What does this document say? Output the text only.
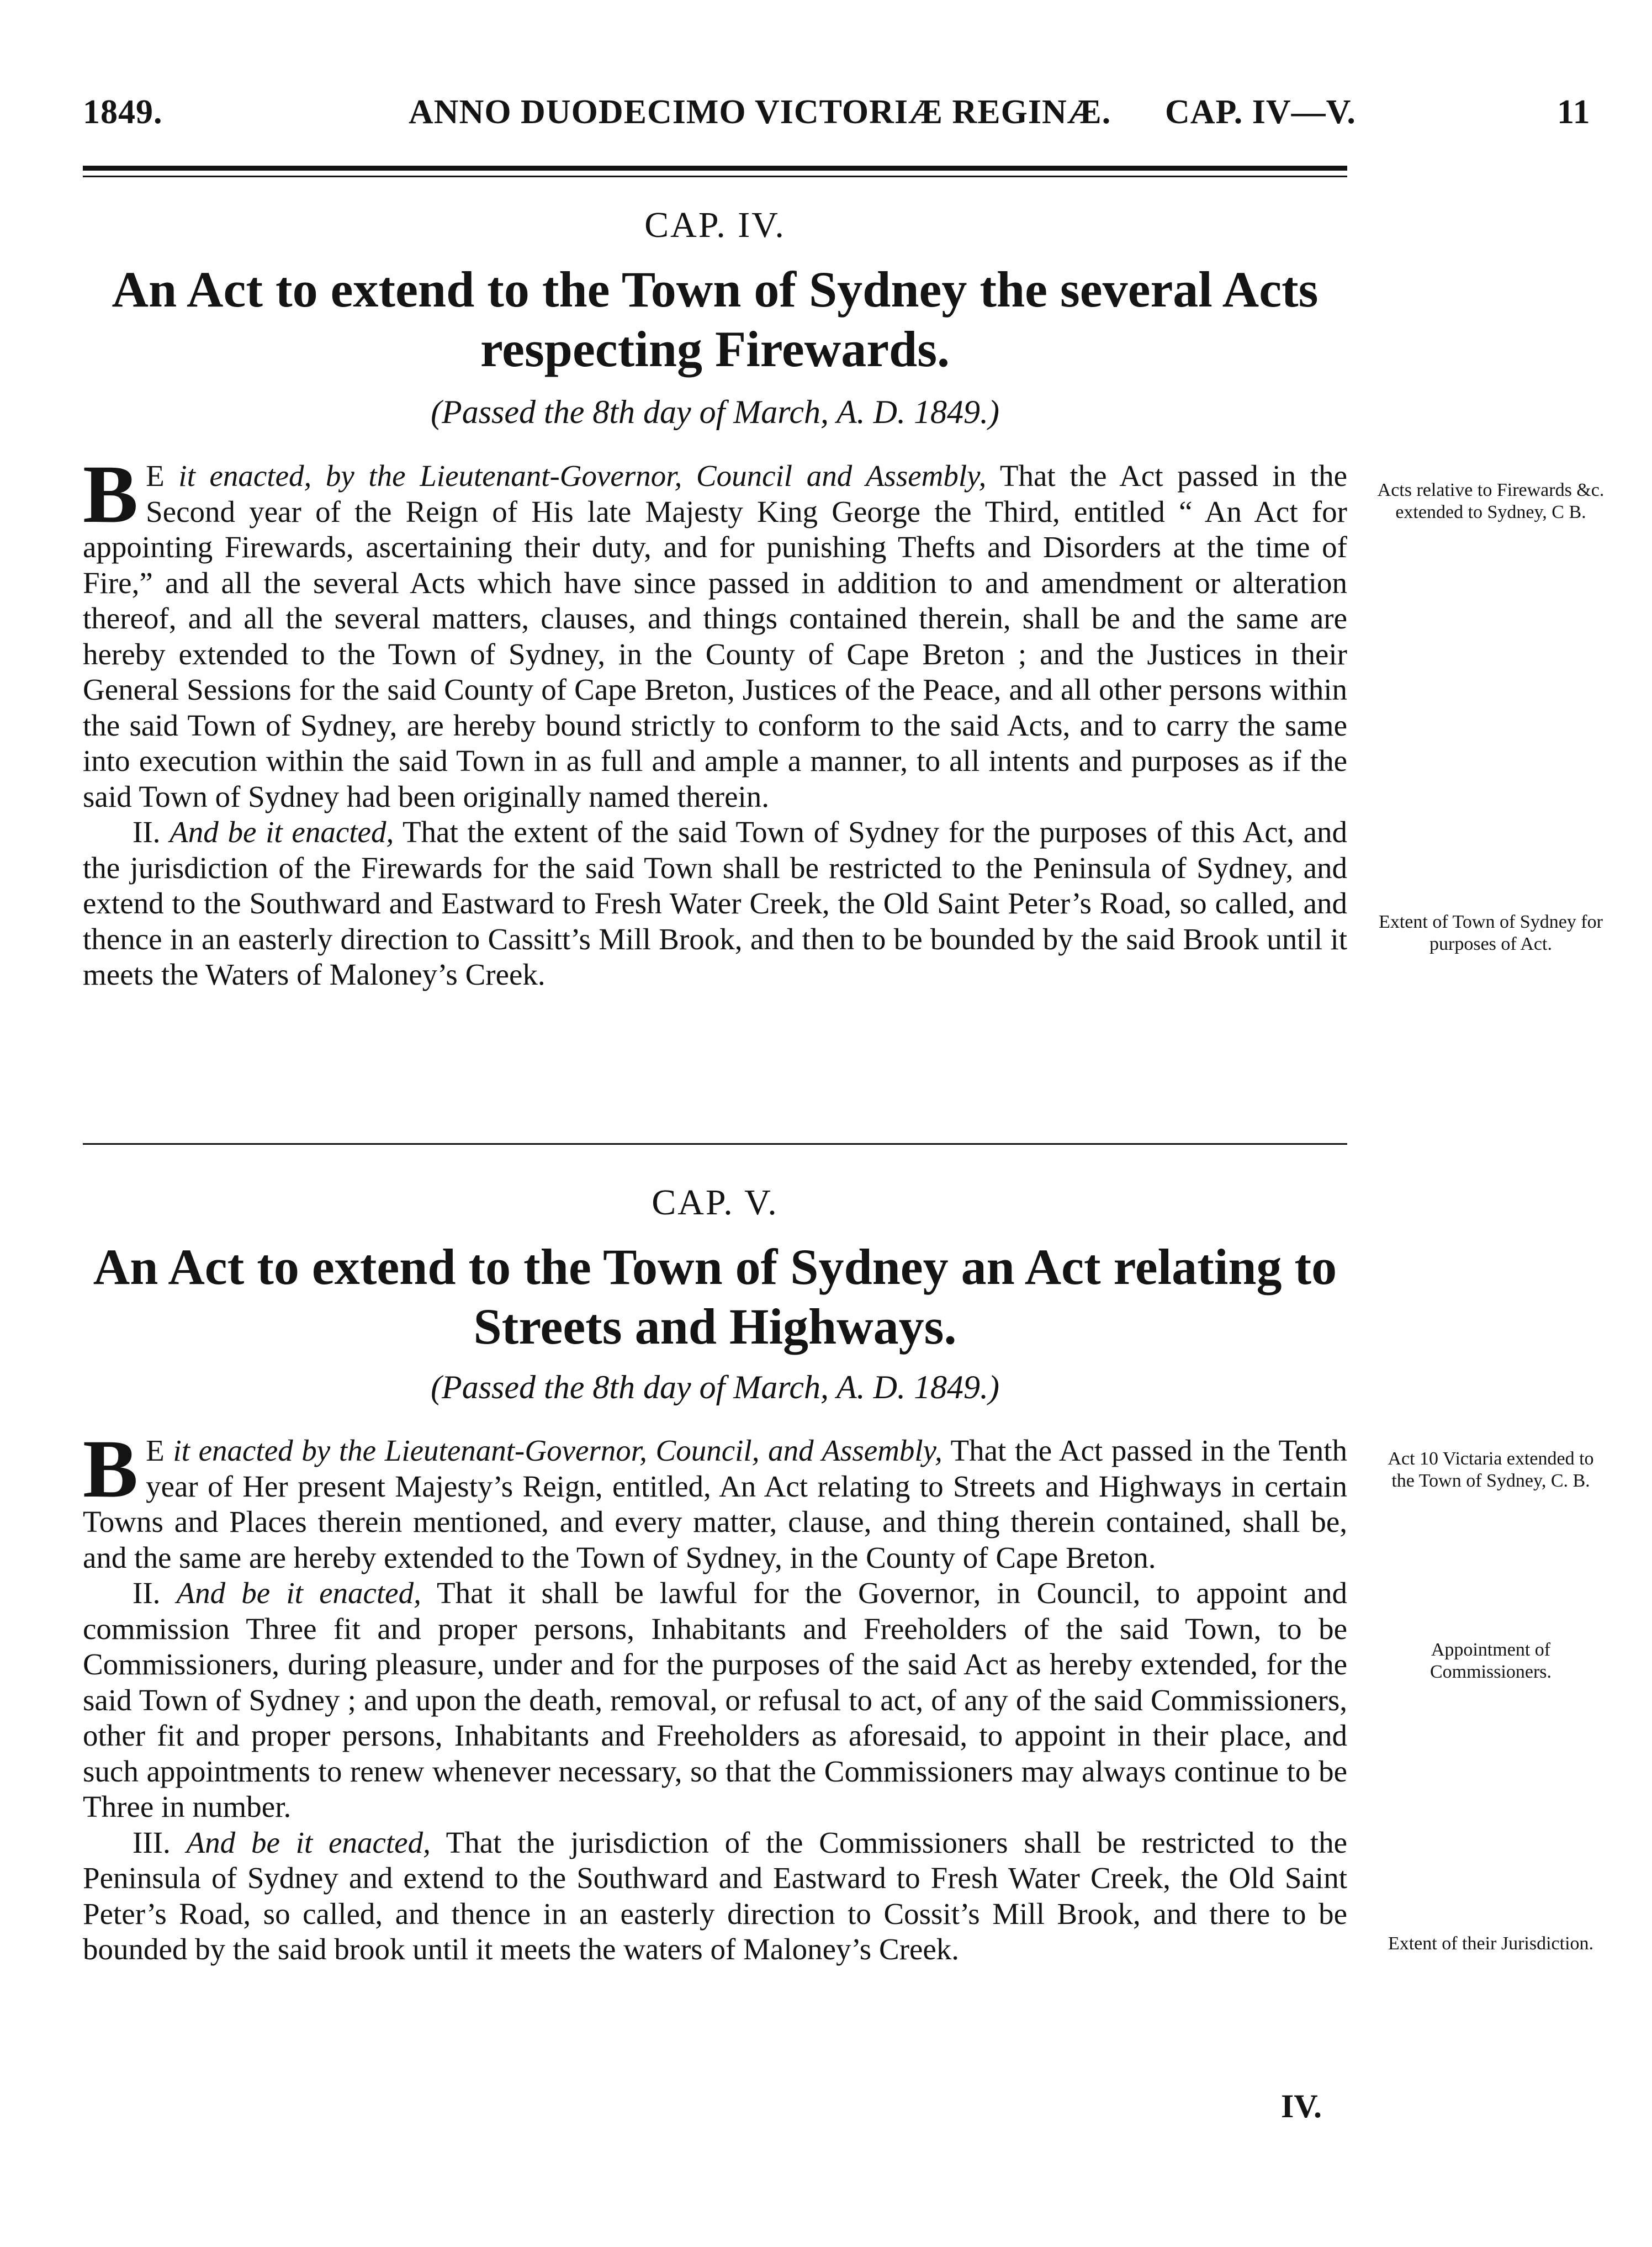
1849.	ANNO DUODECIMO VICTORIÆ REGINÆ. CAP. IV—V.	11
CAP. IV.
An Act to extend to the Town of Sydney the several Acts respecting Firewards.
(Passed the 8th day of March, A. D. 1849.)

B E it enacted, by the Lieutenant-Governor, Council and Assembly, That the Act passed in the Second year of the Reign of His late Majesty King George the Third, entitled “ An Act for appointing Firewards, ascertaining their duty, and for punishing Thefts and Disorders at the time of Fire,” and all the several Acts which have since passed in addition to and amendment or alteration thereof, and all the several matters, clauses, and things contained therein, shall be and the same are hereby extended to the Town of Sydney, in the County of Cape Breton ; and the Justices in their General Sessions for the said County of Cape Breton, Justices of the Peace, and all other persons within the said Town of Sydney, are hereby bound strictly to conform to the said Acts, and to carry the same into execution within the said Town in as full and ample a manner, to all intents and purposes as if the said Town of Sydney had been originally named therein.

II. And be it enacted, That the extent of the said Town of Sydney for the purposes of this Act, and the jurisdiction of the Firewards for the said Town shall be restricted to the Peninsula of Sydney, and extend to the Southward and Eastward to Fresh Water Creek, the Old Saint Peter’s Road, so called, and thence in an easterly direction to Cassitt’s Mill Brook, and then to be bounded by the said Brook until it meets the Waters of Maloney’s Creek.

Acts relative to Firewards &c. extended to Sydney, C B.
Extent of Town of Sydney for purposes of Act.
CAP. V.
An Act to extend to the Town of Sydney an Act relating to Streets and Highways.
(Passed the 8th day of March, A. D. 1849.)

B E it enacted by the Lieutenant-Governor, Council, and Assembly, That the Act passed in the Tenth year of Her present Majesty’s Reign, entitled, An Act relating to Streets and Highways in certain Towns and Places therein mentioned, and every matter, clause, and thing therein contained, shall be, and the same are hereby extended to the Town of Sydney, in the County of Cape Breton.

II. And be it enacted, That it shall be lawful for the Governor, in Council, to appoint and commission Three fit and proper persons, Inhabitants and Freeholders of the said Town, to be Commissioners, during pleasure, under and for the purposes of the said Act as hereby extended, for the said Town of Sydney ; and upon the death, removal, or refusal to act, of any of the said Commissioners, other fit and proper persons, Inhabitants and Freeholders as aforesaid, to appoint in their place, and such appointments to renew whenever necessary, so that the Commissioners may always continue to be Three in number.

III. And be it enacted, That the jurisdiction of the Commissioners shall be restricted to the Peninsula of Sydney and extend to the Southward and Eastward to Fresh Water Creek, the Old Saint Peter’s Road, so called, and thence in an easterly direction to Cossit’s Mill Brook, and there to be bounded by the said brook until it meets the waters of Maloney’s Creek.

Act 10 Victaria extended to the Town of Sydney, C. B.
Appointment of Commissioners.
Extent of their Jurisdiction.
IV.
